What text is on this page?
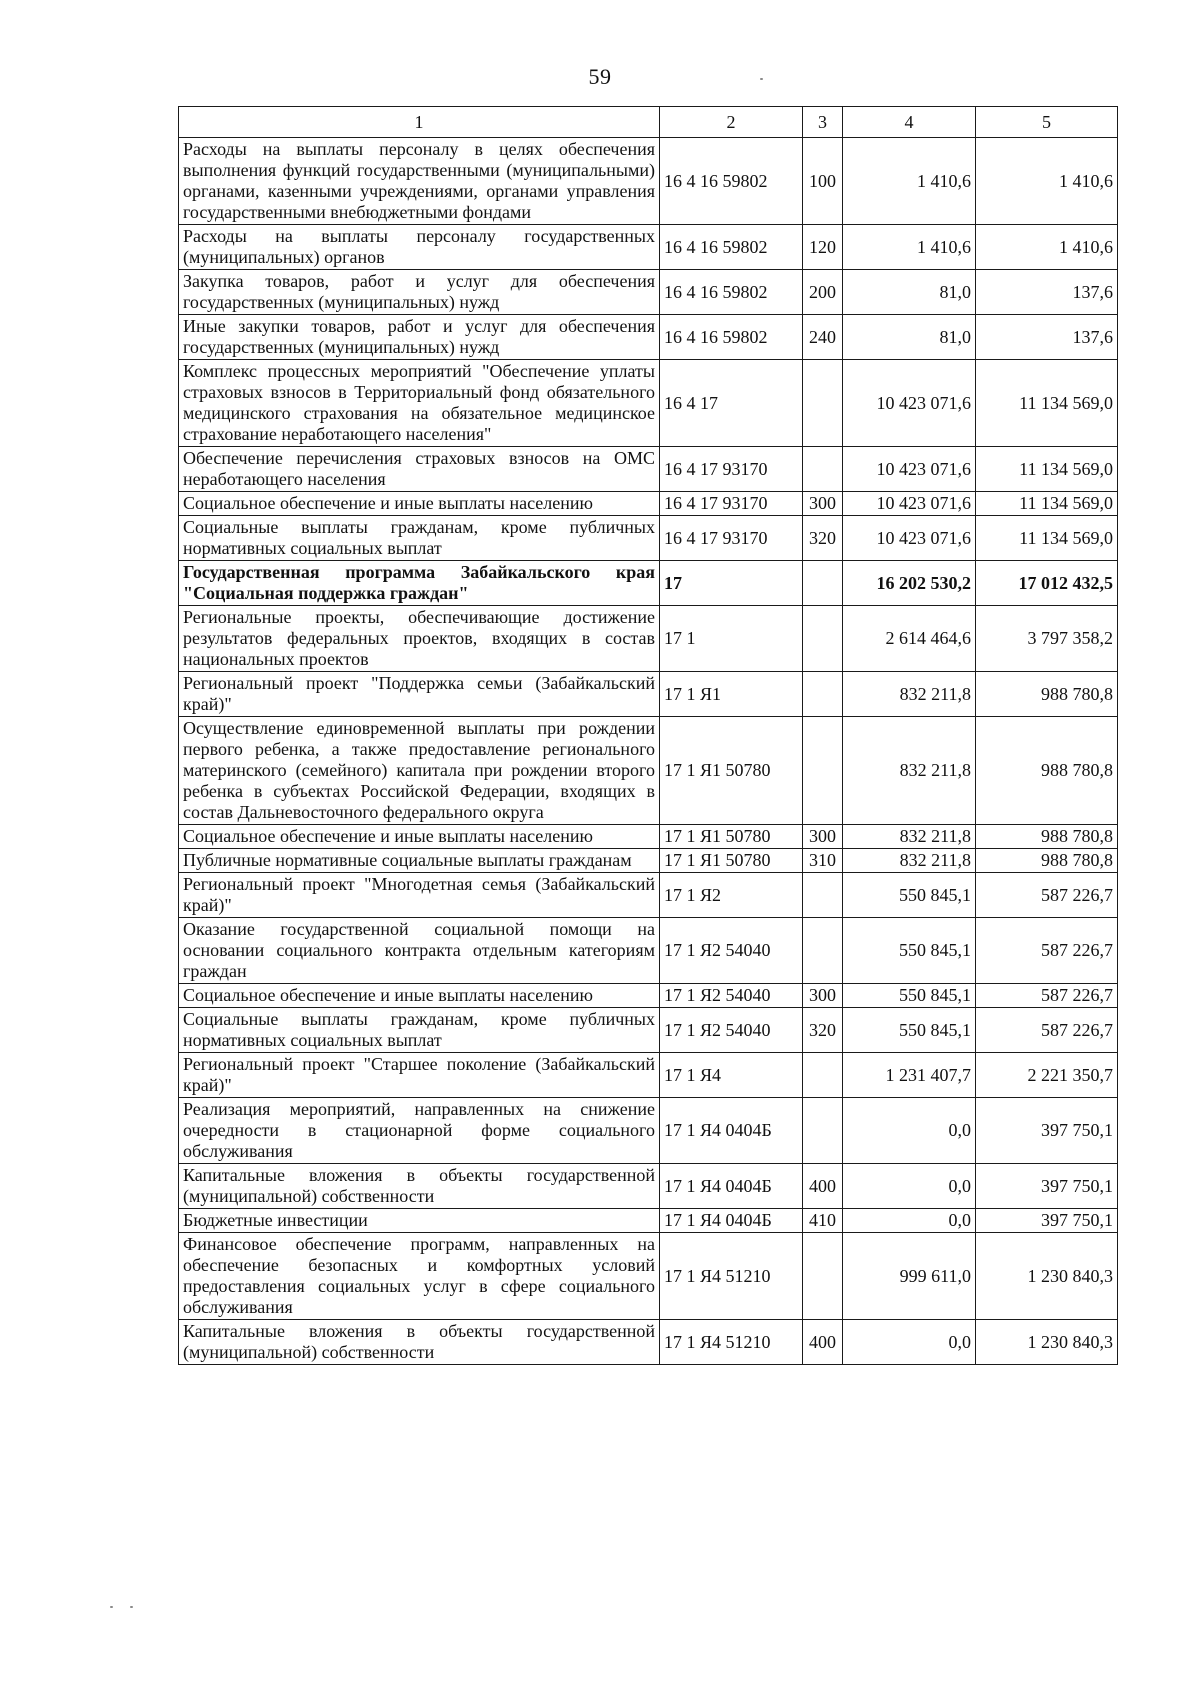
59
1	2	3	4	5
Расходы на выплаты персоналу в целях обеспечения выполнения функций государственными (муниципальными) органами, казенными учреждениями, органами управления государственными внебюджетными фондами	16 4 16 59802	100	1 410,6	1 410,6
Расходы на выплаты персоналу государственных (муниципальных) органов	16 4 16 59802	120	1 410,6	1 410,6
Закупка товаров, работ и услуг для обеспечения государственных (муниципальных) нужд	16 4 16 59802	200	81,0	137,6
Иные закупки товаров, работ и услуг для обеспечения государственных (муниципальных) нужд	16 4 16 59802	240	81,0	137,6
Комплекс процессных мероприятий "Обеспечение уплаты страховых взносов в Территориальный фонд обязательного медицинского страхования на обязательное медицинское страхование неработающего населения"	16 4 17		10 423 071,6	11 134 569,0
Обеспечение перечисления страховых взносов на ОМС неработающего населения	16 4 17 93170		10 423 071,6	11 134 569,0
Социальное обеспечение и иные выплаты населению	16 4 17 93170	300	10 423 071,6	11 134 569,0
Социальные выплаты гражданам, кроме публичных нормативных социальных выплат	16 4 17 93170	320	10 423 071,6	11 134 569,0
Государственная программа Забайкальского края "Социальная поддержка граждан"	17		16 202 530,2	17 012 432,5
Региональные проекты, обеспечивающие достижение результатов федеральных проектов, входящих в состав национальных проектов	17 1		2 614 464,6	3 797 358,2
Региональный проект "Поддержка семьи (Забайкальский край)"	17 1 Я1		832 211,8	988 780,8
Осуществление единовременной выплаты при рождении первого ребенка, а также предоставление регионального материнского (семейного) капитала при рождении второго ребенка в субъектах Российской Федерации, входящих в состав Дальневосточного федерального округа	17 1 Я1 50780		832 211,8	988 780,8
Социальное обеспечение и иные выплаты населению	17 1 Я1 50780	300	832 211,8	988 780,8
Публичные нормативные социальные выплаты гражданам	17 1 Я1 50780	310	832 211,8	988 780,8
Региональный проект "Многодетная семья (Забайкальский край)"	17 1 Я2		550 845,1	587 226,7
Оказание государственной социальной помощи на основании социального контракта отдельным категориям граждан	17 1 Я2 54040		550 845,1	587 226,7
Социальное обеспечение и иные выплаты населению	17 1 Я2 54040	300	550 845,1	587 226,7
Социальные выплаты гражданам, кроме публичных нормативных социальных выплат	17 1 Я2 54040	320	550 845,1	587 226,7
Региональный проект "Старшее поколение (Забайкальский край)"	17 1 Я4		1 231 407,7	2 221 350,7
Реализация мероприятий, направленных на снижение очередности в стационарной форме социального обслуживания	17 1 Я4 0404Б		0,0	397 750,1
Капитальные вложения в объекты государственной (муниципальной) собственности	17 1 Я4 0404Б	400	0,0	397 750,1
Бюджетные инвестиции	17 1 Я4 0404Б	410	0,0	397 750,1
Финансовое обеспечение программ, направленных на обеспечение безопасных и комфортных условий предоставления социальных услуг в сфере социального обслуживания	17 1 Я4 51210		999 611,0	1 230 840,3
Капитальные вложения в объекты государственной (муниципальной) собственности	17 1 Я4 51210	400	0,0	1 230 840,3
